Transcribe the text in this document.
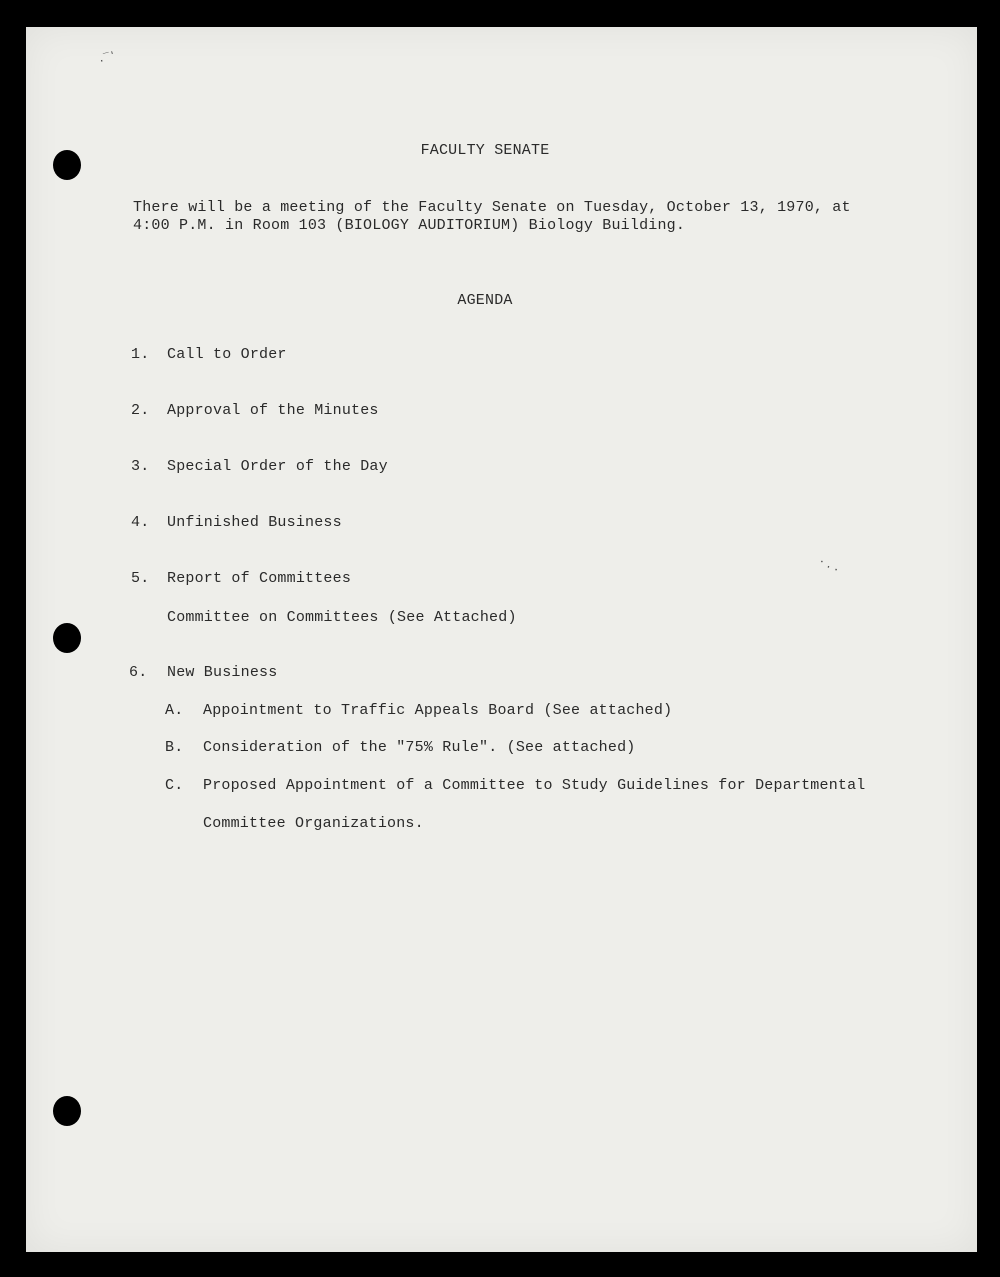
.‾'
·..
FACULTY SENATE
There will be a meeting of the Faculty Senate on Tuesday, October 13, 1970, at
4:00 P.M. in Room 103 (BIOLOGY AUDITORIUM) Biology Building.
AGENDA
1. Call to Order
2. Approval of the Minutes
3. Special Order of the Day
4. Unfinished Business
5. Report of Committees
Committee on Committees (See Attached)
6. New Business
A. Appointment to Traffic Appeals Board (See attached)
B. Consideration of the "75% Rule". (See attached)
C. Proposed Appointment of a Committee to Study Guidelines for Departmental
Committee Organizations.
